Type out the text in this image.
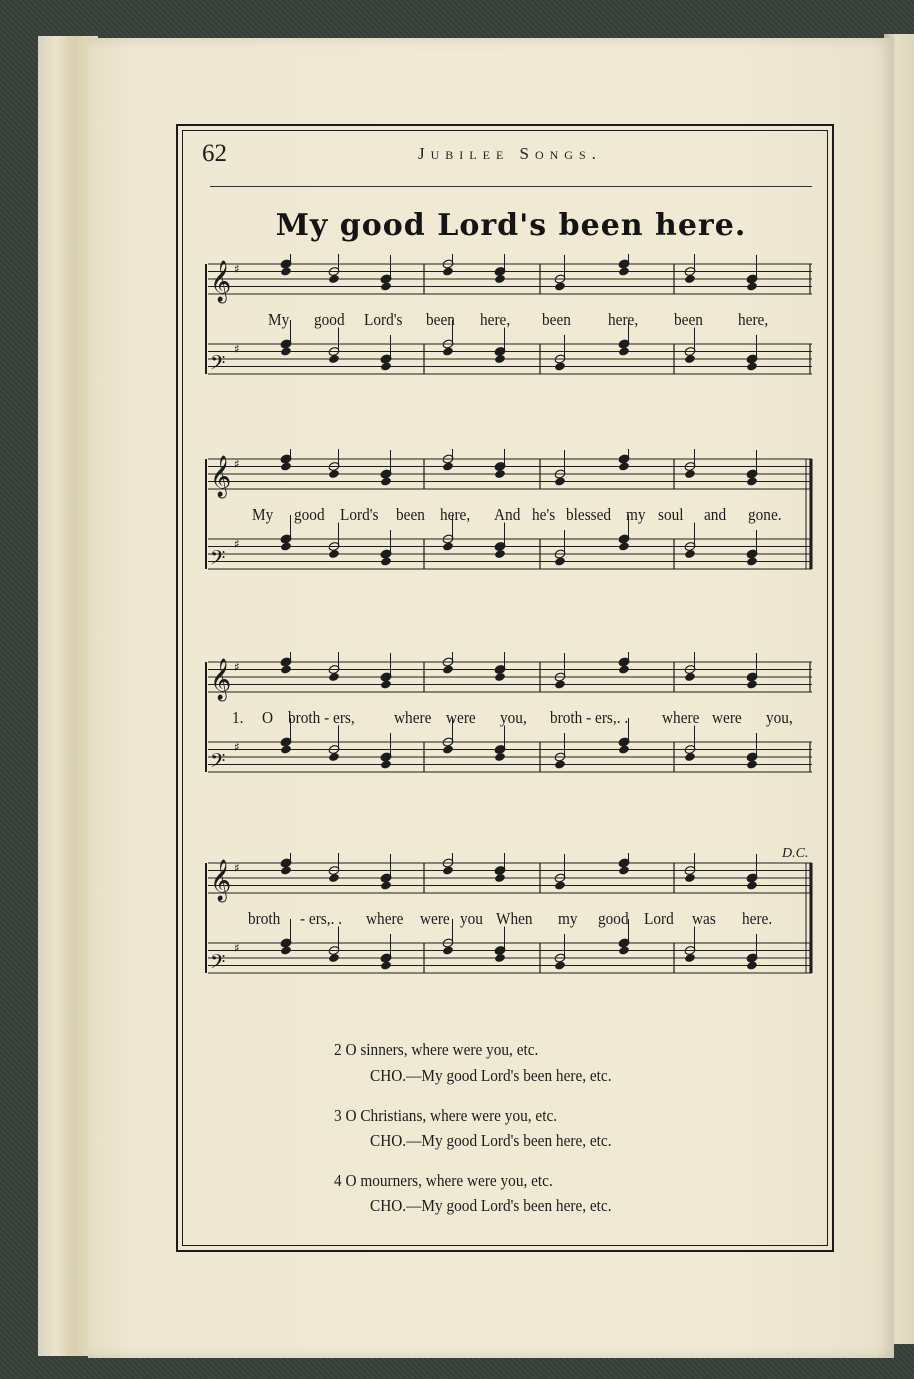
62	Jubilee Songs.
My good Lord's been here.
𝄞 ♯
𝄢
♯
My good Lord's been here, been here, been here,
𝄞 ♯
𝄢
♯
My good Lord's been here, And he's blessed my soul and gone.
𝄞 ♯
𝄢
♯
1. O broth - ers, where were you, broth - ers,. . where were you,
D.C.
𝄞 ♯
𝄢
♯
broth - ers,. . where were you When my good Lord was here.
2 O sinners, where were you, etc.
CHO.—My good Lord's been here, etc.
3 O Christians, where were you, etc.
CHO.—My good Lord's been here, etc.
4 O mourners, where were you, etc.
CHO.—My good Lord's been here, etc.
